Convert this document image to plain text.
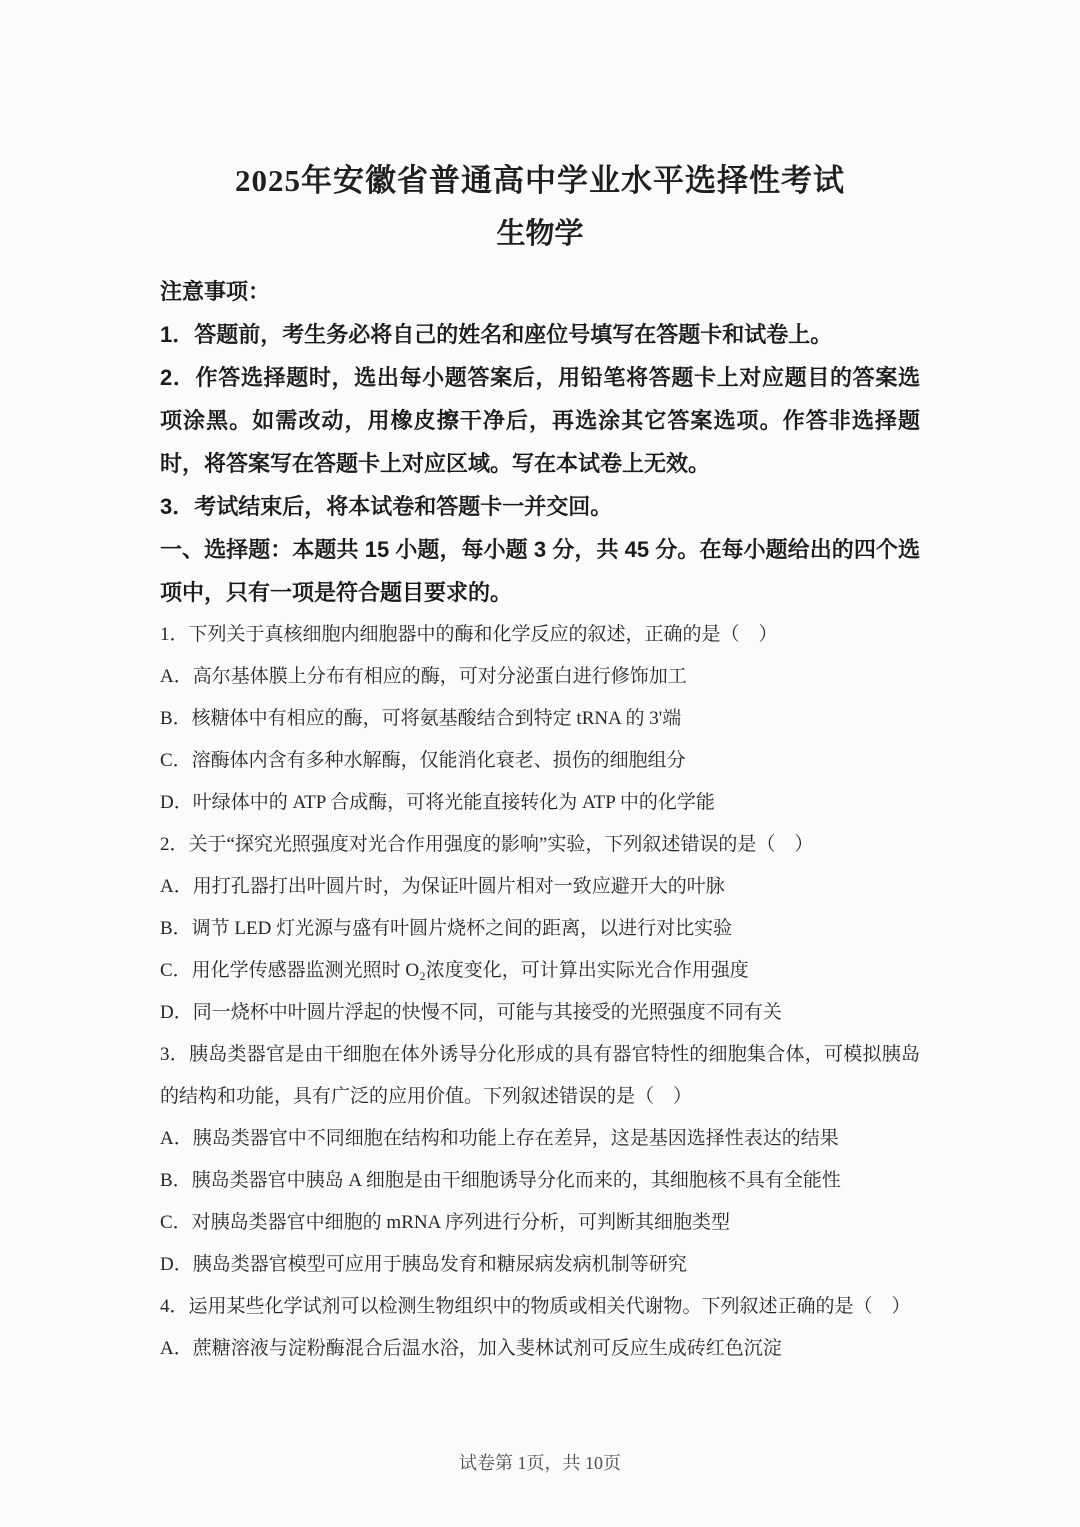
2025年安徽省普通高中学业水平选择性考试
生物学

注意事项：

1．答题前，考生务必将自己的姓名和座位号填写在答题卡和试卷上。

2．作答选择题时，选出每小题答案后，用铅笔将答题卡上对应题目的答案选项涂黑。如需改动，用橡皮擦干净后，再选涂其它答案选项。作答非选择题时，将答案写在答题卡上对应区域。写在本试卷上无效。

3．考试结束后，将本试卷和答题卡一并交回。

一、选择题：本题共 15 小题，每小题 3 分，共 45 分。在每小题给出的四个选项中，只有一项是符合题目要求的。

1．下列关于真核细胞内细胞器中的酶和化学反应的叙述，正确的是（　）

A．高尔基体膜上分布有相应的酶，可对分泌蛋白进行修饰加工

B．核糖体中有相应的酶，可将氨基酸结合到特定 tRNA 的 3'端

C．溶酶体内含有多种水解酶，仅能消化衰老、损伤的细胞组分

D．叶绿体中的 ATP 合成酶，可将光能直接转化为 ATP 中的化学能

2．关于“探究光照强度对光合作用强度的影响”实验，下列叙述错误的是（　）

A．用打孔器打出叶圆片时，为保证叶圆片相对一致应避开大的叶脉

B．调节 LED 灯光源与盛有叶圆片烧杯之间的距离，以进行对比实验

C．用化学传感器监测光照时 O₂浓度变化，可计算出实际光合作用强度

D．同一烧杯中叶圆片浮起的快慢不同，可能与其接受的光照强度不同有关

3．胰岛类器官是由干细胞在体外诱导分化形成的具有器官特性的细胞集合体，可模拟胰岛的结构和功能，具有广泛的应用价值。下列叙述错误的是（　）

A．胰岛类器官中不同细胞在结构和功能上存在差异，这是基因选择性表达的结果

B．胰岛类器官中胰岛 A 细胞是由干细胞诱导分化而来的，其细胞核不具有全能性

C．对胰岛类器官中细胞的 mRNA 序列进行分析，可判断其细胞类型

D．胰岛类器官模型可应用于胰岛发育和糖尿病发病机制等研究

4．运用某些化学试剂可以检测生物组织中的物质或相关代谢物。下列叙述正确的是（　）

A．蔗糖溶液与淀粉酶混合后温水浴，加入斐林试剂可反应生成砖红色沉淀

试卷第 1页，共 10页
